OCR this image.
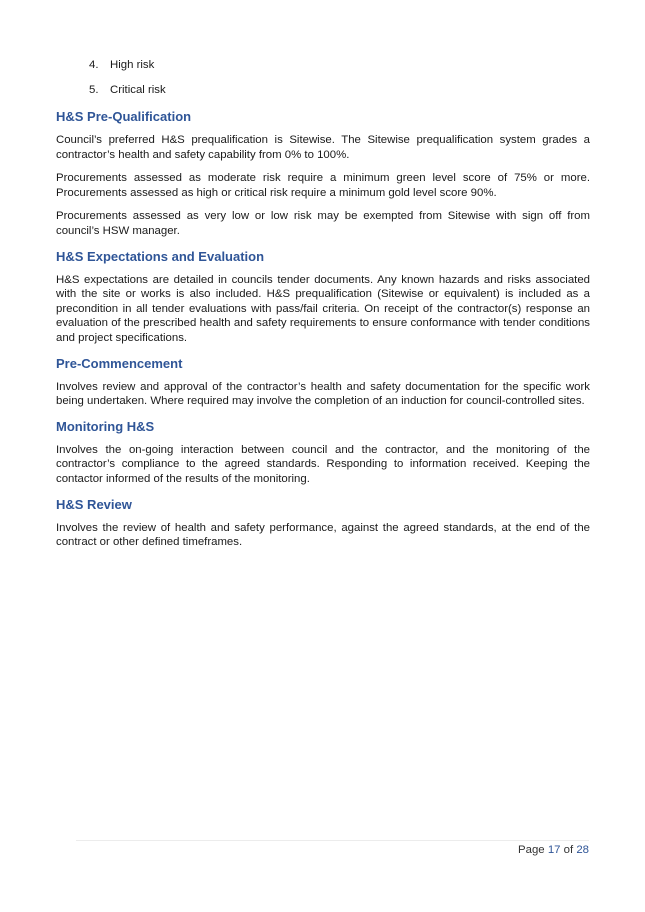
4. High risk
5. Critical risk
H&S Pre-Qualification

Council’s preferred H&S prequalification is Sitewise. The Sitewise prequalification system grades a contractor’s health and safety capability from 0% to 100%.

Procurements assessed as moderate risk require a minimum green level score of 75% or more. Procurements assessed as high or critical risk require a minimum gold level score 90%.

Procurements assessed as very low or low risk may be exempted from Sitewise with sign off from council’s HSW manager.

H&S Expectations and Evaluation

H&S expectations are detailed in councils tender documents. Any known hazards and risks associated with the site or works is also included. H&S prequalification (Sitewise or equivalent) is included as a precondition in all tender evaluations with pass/fail criteria. On receipt of the contractor(s) response an evaluation of the prescribed health and safety requirements to ensure conformance with tender conditions and project specifications.

Pre-Commencement

Involves review and approval of the contractor’s health and safety documentation for the specific work being undertaken. Where required may involve the completion of an induction for council-controlled sites.

Monitoring H&S

Involves the on-going interaction between council and the contractor, and the monitoring of the contractor’s compliance to the agreed standards. Responding to information received. Keeping the contactor informed of the results of the monitoring.

H&S Review

Involves the review of health and safety performance, against the agreed standards, at the end of the contract or other defined timeframes.

Page 17 of 28
